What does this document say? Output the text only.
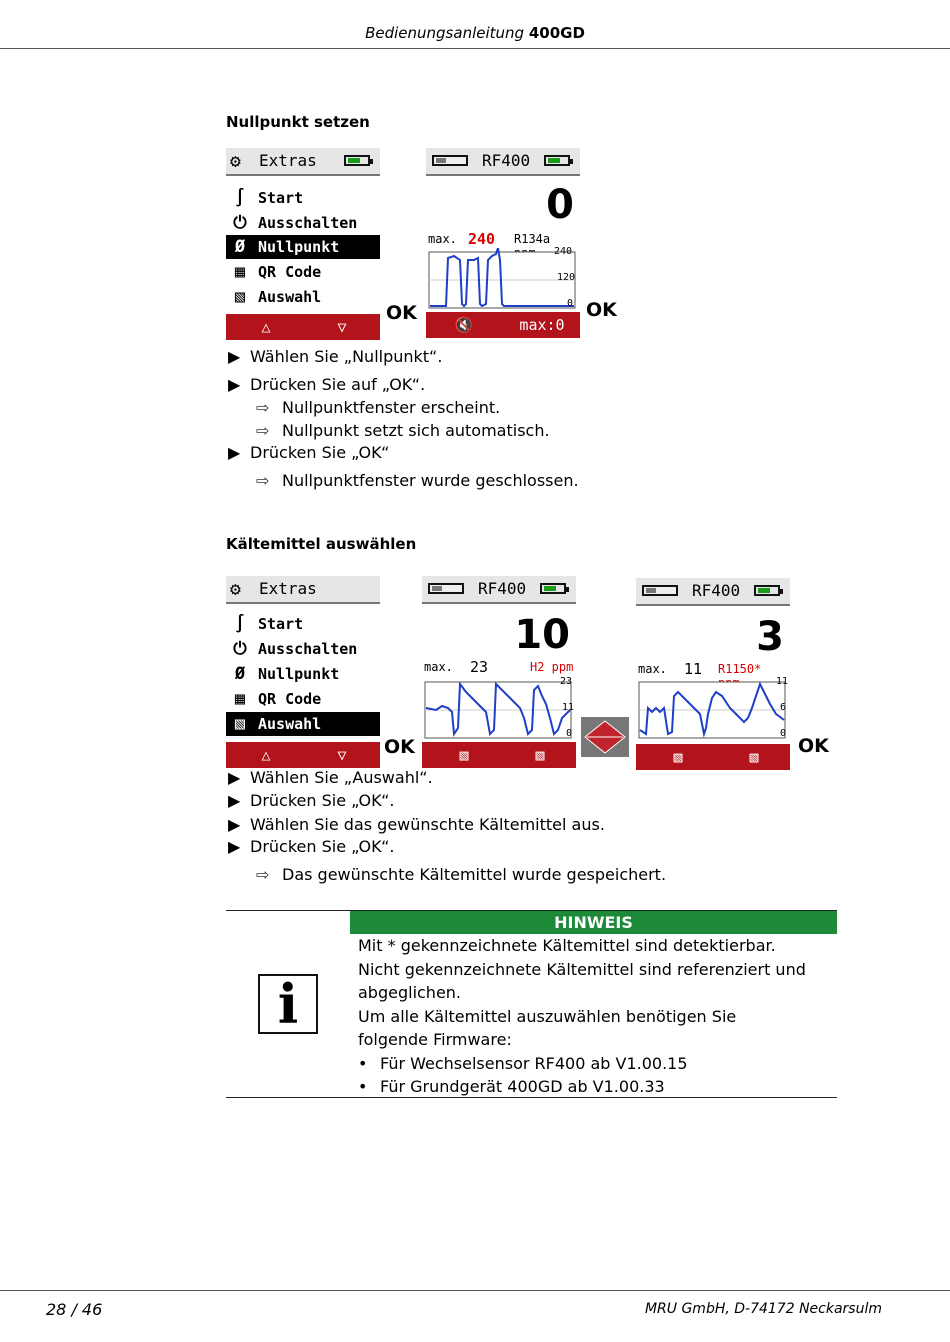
Bedienungsanleitung 400GD
Nullpunkt setzen
⚙ Extras
∫ Start
⏻ Ausschalten
Ø Nullpunkt
▦ QR Code
▧ Auswahl
△	▽
OK
RF400
0
max. 240 R134a
240
120
0
🔇	max:0
OK
▶ Wählen Sie „Nullpunkt“.
▶ Drücken Sie auf „OK“.
⇨ Nullpunktfenster erscheint.
⇨ Nullpunkt setzt sich automatisch.
▶ Drücken Sie „OK“
⇨ Nullpunktfenster wurde geschlossen.
Kältemittel auswählen
⚙ Extras
∫ Start
⏻ Ausschalten
Ø Nullpunkt
▦ QR Code
▧ Auswahl
△	▽	OK
RF400
10
max. 23	H2 ppm
23
11
0
▧	▧
RF400
3
max. 11 R1150*
11
6
0
▧	▧	OK
▶ Wählen Sie „Auswahl“.
▶ Drücken Sie „OK“.
▶ Wählen Sie das gewünschte Kältemittel aus.
▶ Drücken Sie „OK“.
⇨ Das gewünschte Kältemittel wurde gespeichert.
HINWEIS
i
Mit * gekennzeichnete Kältemittel sind detektierbar.
Nicht gekennzeichnete Kältemittel sind referenziert und
abgeglichen.
Um alle Kältemittel auszuwählen benötigen Sie
folgende Firmware:
• Für Wechselsensor RF400 ab V1.00.15
• Für Grundgerät 400GD ab V1.00.33
28 / 46	MRU GmbH, D-74172 Neckarsulm
